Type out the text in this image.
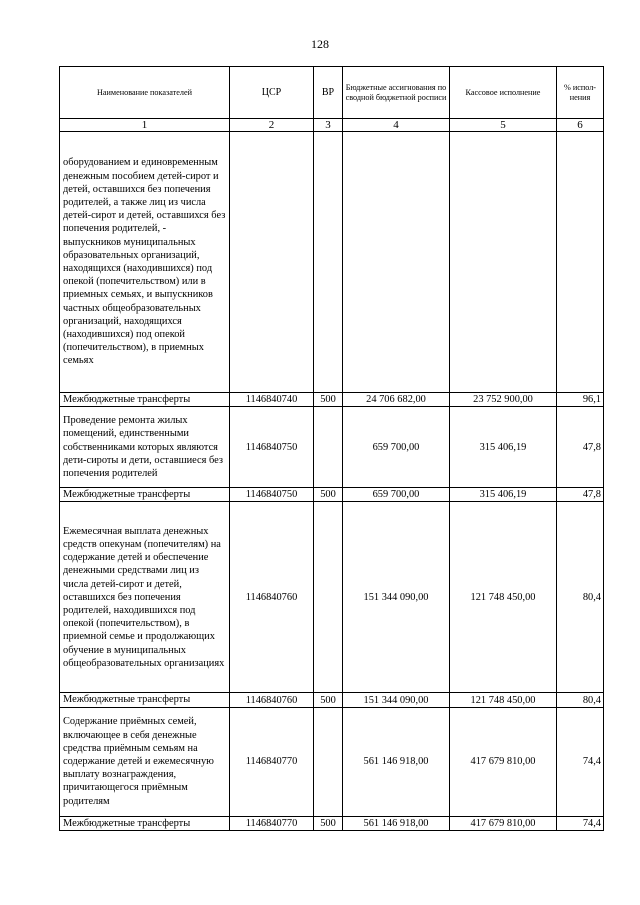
128
Наименование показателей	ЦСР	ВР	Бюджетные ассигнования по сводной бюджетной росписи	Кассовое исполнение	% испол-нения
1	2	3	4	5	6
оборудованием и единовременным денежным пособием детей-сирот и детей, оставшихся без попечения родителей, а также лиц из числа детей-сирот и детей, оставшихся без попечения родителей, - выпускников муниципальных образовательных организаций, находящихся (находившихся) под опекой (попечительством) или в приемных семьях, и выпускников частных общеобразовательных организаций, находящихся (находившихся) под опекой (попечительством), в приемных семьях					
Межбюджетные трансферты	1146840740	500	24 706 682,00	23 752 900,00	96,1
Проведение ремонта жилых помещений, единственными собственниками которых являются дети-сироты и дети, оставшиеся без попечения родителей	1146840750		659 700,00	315 406,19	47,8
Межбюджетные трансферты	1146840750	500	659 700,00	315 406,19	47,8
Ежемесячная выплата денежных средств опекунам (попечителям) на содержание детей и обеспечение денежными средствами лиц из числа детей-сирот и детей, оставшихся без попечения родителей, находившихся под опекой (попечительством), в приемной семье и продолжающих обучение в муниципальных общеобразовательных организациях	1146840760		151 344 090,00	121 748 450,00	80,4
Межбюджетные трансферты	1146840760	500	151 344 090,00	121 748 450,00	80,4
Содержание приёмных семей, включающее в себя денежные средства приёмным семьям на содержание детей и ежемесячную выплату вознаграждения, причитающегося приёмным родителям	1146840770		561 146 918,00	417 679 810,00	74,4
Межбюджетные трансферты	1146840770	500	561 146 918,00	417 679 810,00	74,4
